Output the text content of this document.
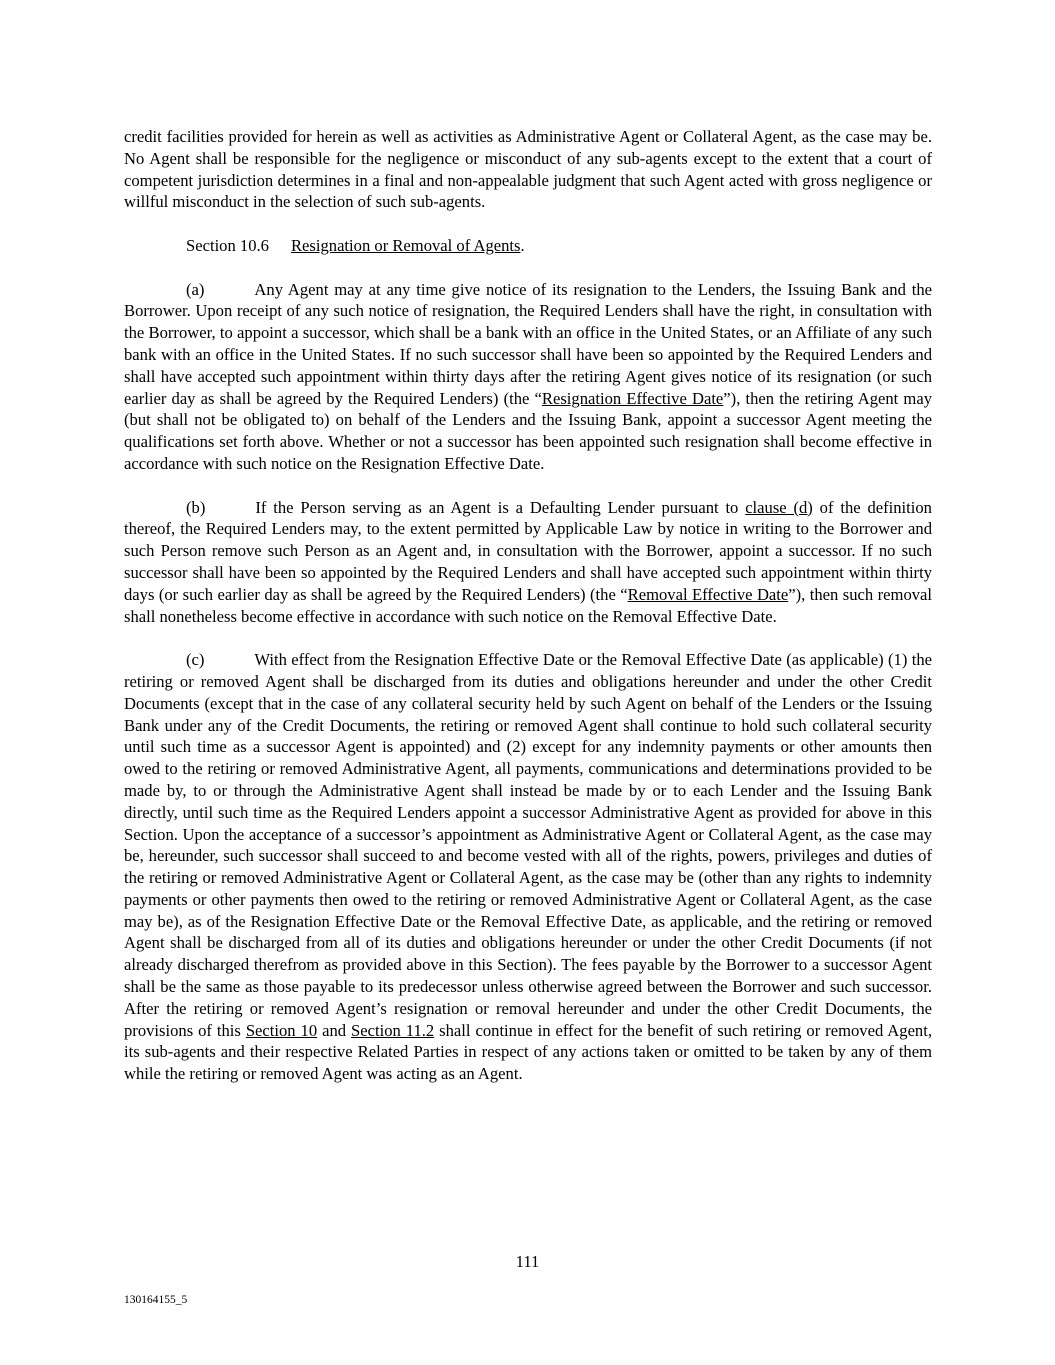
credit facilities provided for herein as well as activities as Administrative Agent or Collateral Agent, as the case may be. No Agent shall be responsible for the negligence or misconduct of any sub-agents except to the extent that a court of competent jurisdiction determines in a final and non-appealable judgment that such Agent acted with gross negligence or willful misconduct in the selection of such sub-agents.

Section 10.6 Resignation or Removal of Agents.

(a)	Any Agent may at any time give notice of its resignation to the Lenders, the Issuing Bank and the Borrower. Upon receipt of any such notice of resignation, the Required Lenders shall have the right, in consultation with the Borrower, to appoint a successor, which shall be a bank with an office in the United States, or an Affiliate of any such bank with an office in the United States. If no such successor shall have been so appointed by the Required Lenders and shall have accepted such appointment within thirty days after the retiring Agent gives notice of its resignation (or such earlier day as shall be agreed by the Required Lenders) (the “Resignation Effective Date”), then the retiring Agent may (but shall not be obligated to) on behalf of the Lenders and the Issuing Bank, appoint a successor Agent meeting the qualifications set forth above. Whether or not a successor has been appointed such resignation shall become effective in accordance with such notice on the Resignation Effective Date.

(b)	If the Person serving as an Agent is a Defaulting Lender pursuant to clause (d) of the definition thereof, the Required Lenders may, to the extent permitted by Applicable Law by notice in writing to the Borrower and such Person remove such Person as an Agent and, in consultation with the Borrower, appoint a successor. If no such successor shall have been so appointed by the Required Lenders and shall have accepted such appointment within thirty days (or such earlier day as shall be agreed by the Required Lenders) (the “Removal Effective Date”), then such removal shall nonetheless become effective in accordance with such notice on the Removal Effective Date.

(c)	With effect from the Resignation Effective Date or the Removal Effective Date (as applicable) (1) the retiring or removed Agent shall be discharged from its duties and obligations hereunder and under the other Credit Documents (except that in the case of any collateral security held by such Agent on behalf of the Lenders or the Issuing Bank under any of the Credit Documents, the retiring or removed Agent shall continue to hold such collateral security until such time as a successor Agent is appointed) and (2) except for any indemnity payments or other amounts then owed to the retiring or removed Administrative Agent, all payments, communications and determinations provided to be made by, to or through the Administrative Agent shall instead be made by or to each Lender and the Issuing Bank directly, until such time as the Required Lenders appoint a successor Administrative Agent as provided for above in this Section. Upon the acceptance of a successor’s appointment as Administrative Agent or Collateral Agent, as the case may be, hereunder, such successor shall succeed to and become vested with all of the rights, powers, privileges and duties of the retiring or removed Administrative Agent or Collateral Agent, as the case may be (other than any rights to indemnity payments or other payments then owed to the retiring or removed Administrative Agent or Collateral Agent, as the case may be), as of the Resignation Effective Date or the Removal Effective Date, as applicable, and the retiring or removed Agent shall be discharged from all of its duties and obligations hereunder or under the other Credit Documents (if not already discharged therefrom as provided above in this Section). The fees payable by the Borrower to a successor Agent shall be the same as those payable to its predecessor unless otherwise agreed between the Borrower and such successor. After the retiring or removed Agent’s resignation or removal hereunder and under the other Credit Documents, the provisions of this Section 10 and Section 11.2 shall continue in effect for the benefit of such retiring or removed Agent, its sub-agents and their respective Related Parties in respect of any actions taken or omitted to be taken by any of them while the retiring or removed Agent was acting as an Agent.

111
130164155_5
